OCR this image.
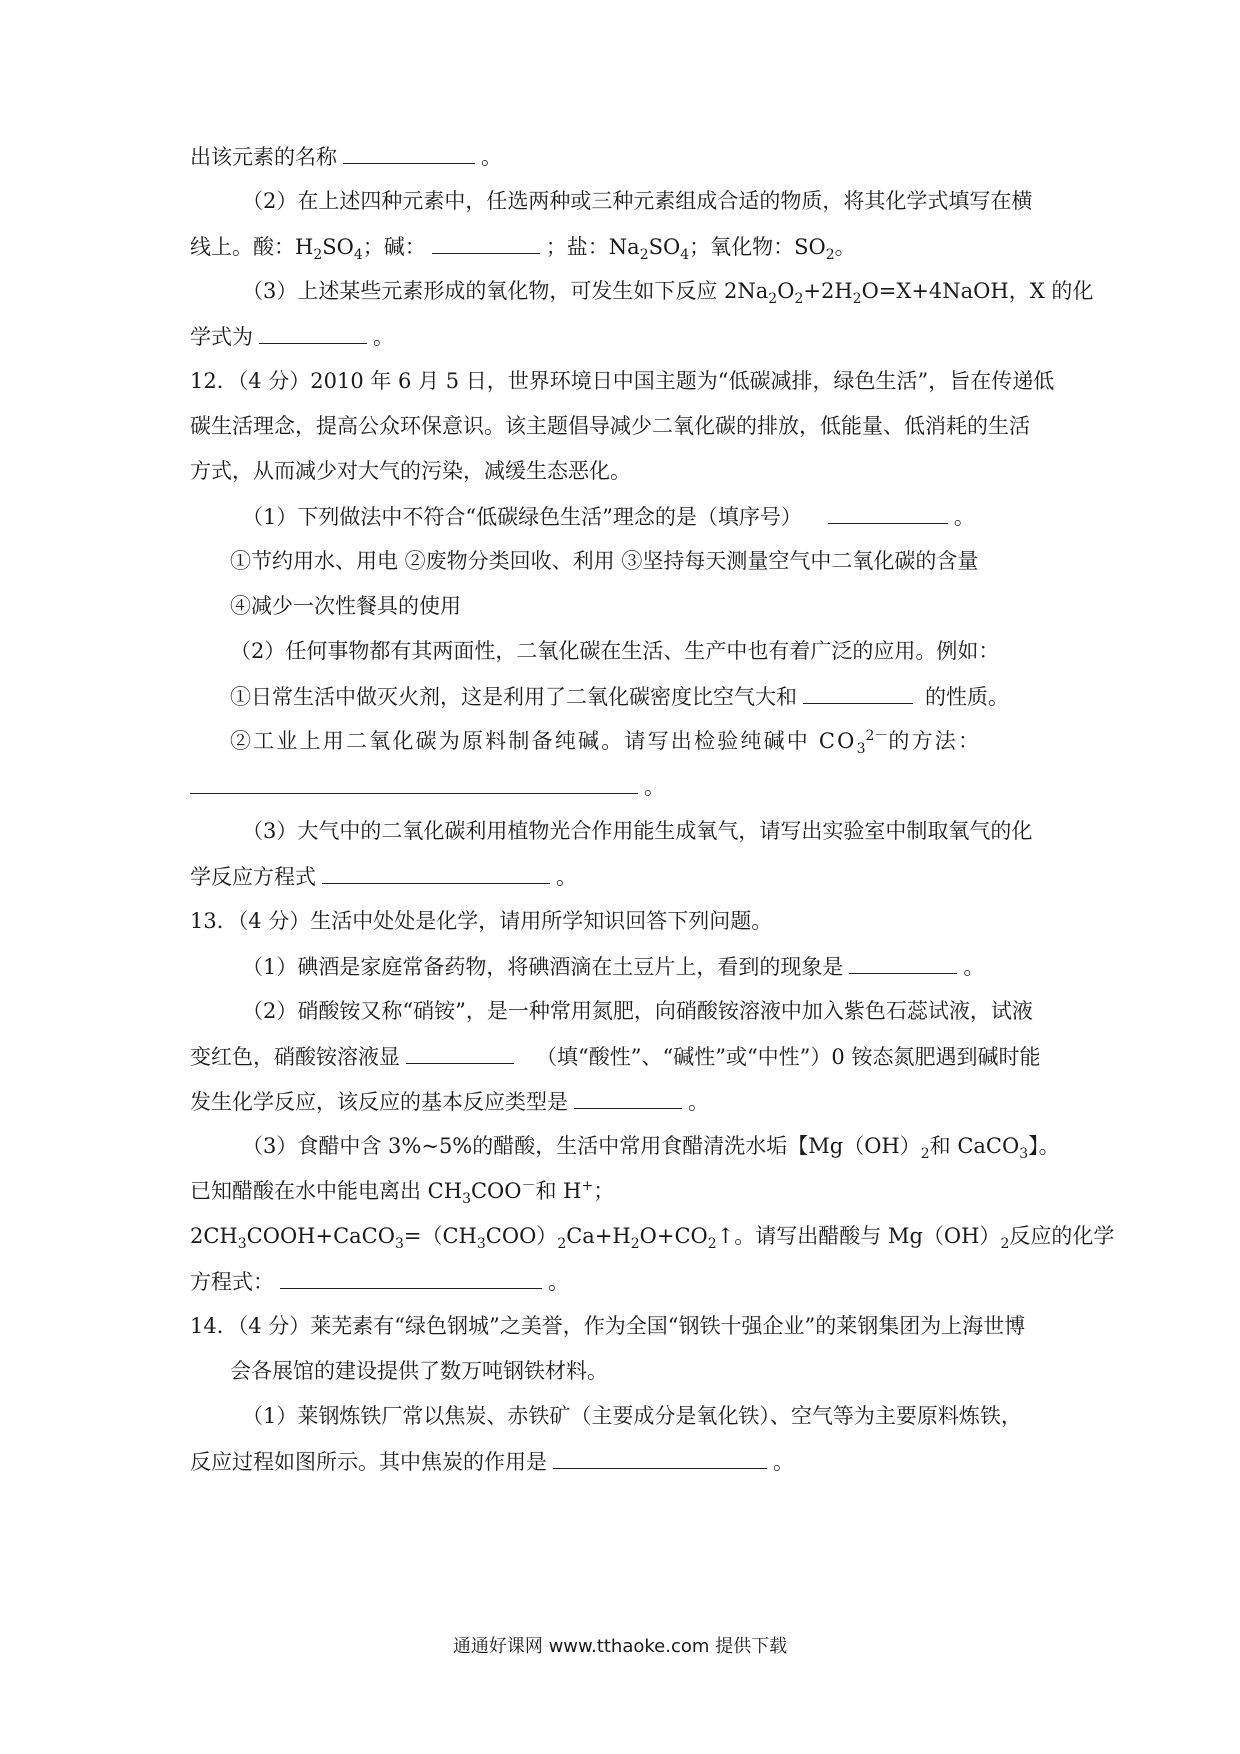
出该元素的名称	。
（2）在上述四种元素中，任选两种或三种元素组成合适的物质，将其化学式填写在横
线上。酸：$H_2SO_4$；碱：	；盐：$Na_2SO_4$；氧化物：$SO_2$。
（3）上述某些元素形成的氧化物，可发生如下反应 $2Na_2O_2+2H_2O=X+4NaOH$，X 的化
学式为	。
12．（4 分）2010 年 6 月 5 日，世界环境日中国主题为“低碳减排，绿色生活”，旨在传递低
碳生活理念，提高公众环保意识。该主题倡导减少二氧化碳的排放，低能量、低消耗的生活
方式，从而减少对大气的污染，减缓生态恶化。
（1）下列做法中不符合“低碳绿色生活”理念的是（填序号）	。
①节约用水、用电 ②废物分类回收、利用 ③坚持每天测量空气中二氧化碳的含量
④减少一次性餐具的使用
（2）任何事物都有其两面性，二氧化碳在生活、生产中也有着广泛的应用。例如：
①日常生活中做灭火剂，这是利用了二氧化碳密度比空气大和	的性质。
②工业上用二氧化碳为原料制备纯碱。请写出检验纯碱中 $CO_3^{2-}$的方法：
。
（3）大气中的二氧化碳利用植物光合作用能生成氧气，请写出实验室中制取氧气的化
学反应方程式	。
13．（4 分）生活中处处是化学，请用所学知识回答下列问题。
（1）碘酒是家庭常备药物，将碘酒滴在土豆片上，看到的现象是	。
（2）硝酸铵又称“硝铵”，是一种常用氮肥，向硝酸铵溶液中加入紫色石蕊试液，试液
变红色，硝酸铵溶液显	（填“酸性”、“碱性”或“中性”）0 铵态氮肥遇到碱时能
发生化学反应，该反应的基本反应类型是	。
（3）食醋中含 3%~5%的醋酸，生活中常用食醋清洗水垢【$Mg(OH)_2$和 CaCO$_3$】。
已知醋酸在水中能电离出 $CH_3COO^-$和 H+；
$2CH_3COOH+CaCO_3=(CH_3COO)_2Ca+H_2O+CO_2↑$。请写出醋酸与 $Mg(OH)_2$反应的化学
方程式：	。
14．（4 分）莱芜素有“绿色钢城”之美誉，作为全国“钢铁十强企业”的莱钢集团为上海世博
会各展馆的建设提供了数万吨钢铁材料。
（1）莱钢炼铁厂常以焦炭、赤铁矿（主要成分是氧化铁）、空气等为主要原料炼铁，
反应过程如图所示。其中焦炭的作用是	。
通通好课网 www.tthaoke.com 提供下载
